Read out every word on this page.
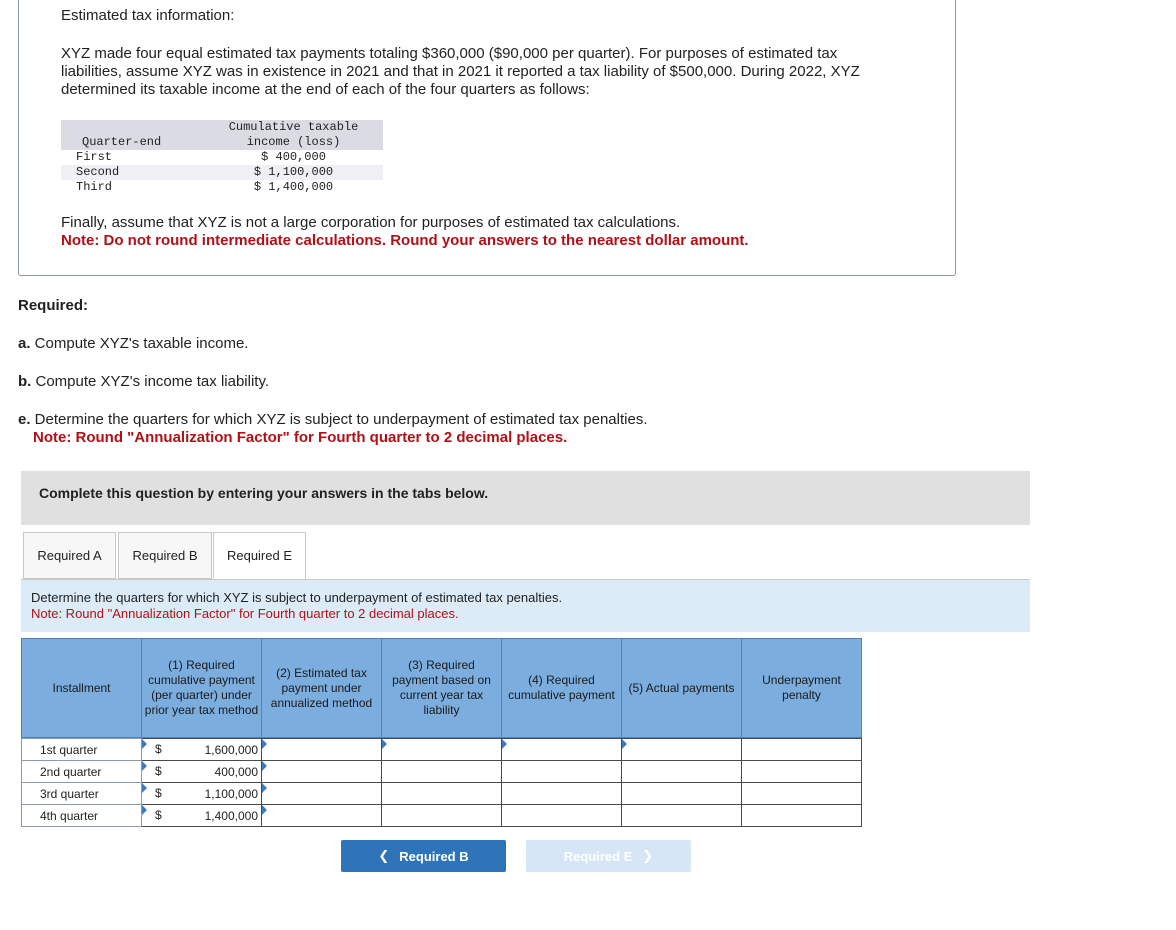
Estimated tax information:

XYZ made four equal estimated tax payments totaling $360,000 ($90,000 per quarter). For purposes of estimated tax

liabilities, assume XYZ was in existence in 2021 and that in 2021 it reported a tax liability of $500,000. During 2022, XYZ

determined its taxable income at the end of each of the four quarters as follows:

Quarter-end	Cumulative taxable
income (loss)

First	$ 400,000
Second	$ 1,100,000
Third	$ 1,400,000

Finally, assume that XYZ is not a large corporation for purposes of estimated tax calculations.

Note: Do not round intermediate calculations. Round your answers to the nearest dollar amount.

Required:

a. Compute XYZ's taxable income.

b. Compute XYZ's income tax liability.

e. Determine the quarters for which XYZ is subject to underpayment of estimated tax penalties.

Note: Round "Annualization Factor" for Fourth quarter to 2 decimal places.

Complete this question by entering your answers in the tabs below.
Required A	Required B	Required E
Determine the quarters for which XYZ is subject to underpayment of estimated tax penalties.
Note: Round "Annualization Factor" for Fourth quarter to 2 decimal places.
Installment	(1) Required cumulative payment (per quarter) under prior year tax method	(2) Estimated tax payment under annualized method	(3) Required payment based on current year tax liability	(4) Required cumulative payment	(5) Actual payments	Underpayment penalty

1st quarter	$ 1,600,000	

2nd quarter	$ 400,000	

3rd quarter	$ 1,100,000	

4th quarter	$ 1,400,000	

❮ Required B	Required E ❯
